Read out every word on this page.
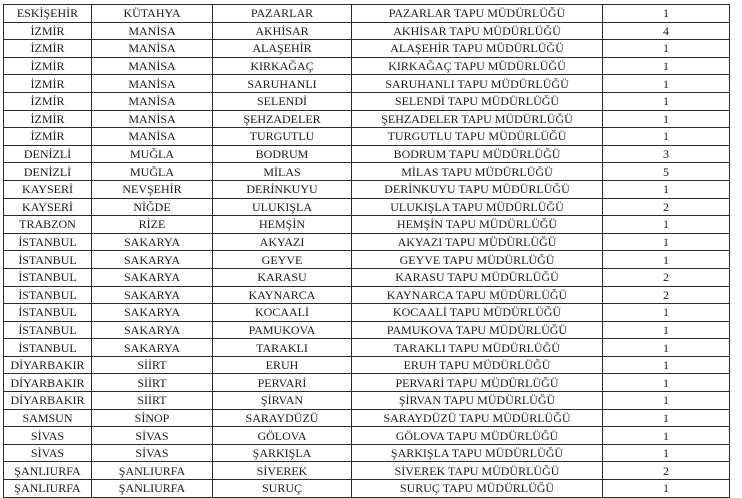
ESKİŞEHİR	KÜTAHYA	PAZARLAR	PAZARLAR TAPU MÜDÜRLÜĞÜ	1
İZMİR	MANİSA	AKHİSAR	AKHİSAR TAPU MÜDÜRLÜĞÜ	4
İZMİR	MANİSA	ALAŞEHİR	ALAŞEHİR TAPU MÜDÜRLÜĞÜ	1
İZMİR	MANİSA	KIRKAĞAÇ	KIRKAĞAÇ TAPU MÜDÜRLÜĞÜ	1
İZMİR	MANİSA	SARUHANLI	SARUHANLI TAPU MÜDÜRLÜĞÜ	1
İZMİR	MANİSA	SELENDİ	SELENDİ TAPU MÜDÜRLÜĞÜ	1
İZMİR	MANİSA	ŞEHZADELER	ŞEHZADELER TAPU MÜDÜRLÜĞÜ	1
İZMİR	MANİSA	TURGUTLU	TURGUTLU TAPU MÜDÜRLÜĞÜ	1
DENİZLİ	MUĞLA	BODRUM	BODRUM TAPU MÜDÜRLÜĞÜ	3
DENİZLİ	MUĞLA	MİLAS	MİLAS TAPU MÜDÜRLÜĞÜ	5
KAYSERİ	NEVŞEHİR	DERİNKUYU	DERİNKUYU TAPU MÜDÜRLÜĞÜ	1
KAYSERİ	NİĞDE	ULUKIŞLA	ULUKIŞLA TAPU MÜDÜRLÜĞÜ	2
TRABZON	RİZE	HEMŞİN	HEMŞİN TAPU MÜDÜRLÜĞÜ	1
İSTANBUL	SAKARYA	AKYAZI	AKYAZI TAPU MÜDÜRLÜĞÜ	1
İSTANBUL	SAKARYA	GEYVE	GEYVE TAPU MÜDÜRLÜĞÜ	1
İSTANBUL	SAKARYA	KARASU	KARASU TAPU MÜDÜRLÜĞÜ	2
İSTANBUL	SAKARYA	KAYNARCA	KAYNARCA TAPU MÜDÜRLÜĞÜ	2
İSTANBUL	SAKARYA	KOCAALİ	KOCAALİ TAPU MÜDÜRLÜĞÜ	1
İSTANBUL	SAKARYA	PAMUKOVA	PAMUKOVA TAPU MÜDÜRLÜĞÜ	1
İSTANBUL	SAKARYA	TARAKLI	TARAKLI TAPU MÜDÜRLÜĞÜ	1
DİYARBAKIR	SİİRT	ERUH	ERUH TAPU MÜDÜRLÜĞÜ	1
DİYARBAKIR	SİİRT	PERVARİ	PERVARİ TAPU MÜDÜRLÜĞÜ	1
DİYARBAKIR	SİİRT	ŞİRVAN	ŞİRVAN TAPU MÜDÜRLÜĞÜ	1
SAMSUN	SİNOP	SARAYDÜZÜ	SARAYDÜZÜ TAPU MÜDÜRLÜĞÜ	1
SİVAS	SİVAS	GÖLOVA	GÖLOVA TAPU MÜDÜRLÜĞÜ	1
SİVAS	SİVAS	ŞARKIŞLA	ŞARKIŞLA TAPU MÜDÜRLÜĞÜ	1
ŞANLIURFA	ŞANLIURFA	SİVEREK	SİVEREK TAPU MÜDÜRLÜĞÜ	2
ŞANLIURFA	ŞANLIURFA	SURUÇ	SURUÇ TAPU MÜDÜRLÜĞÜ	1
